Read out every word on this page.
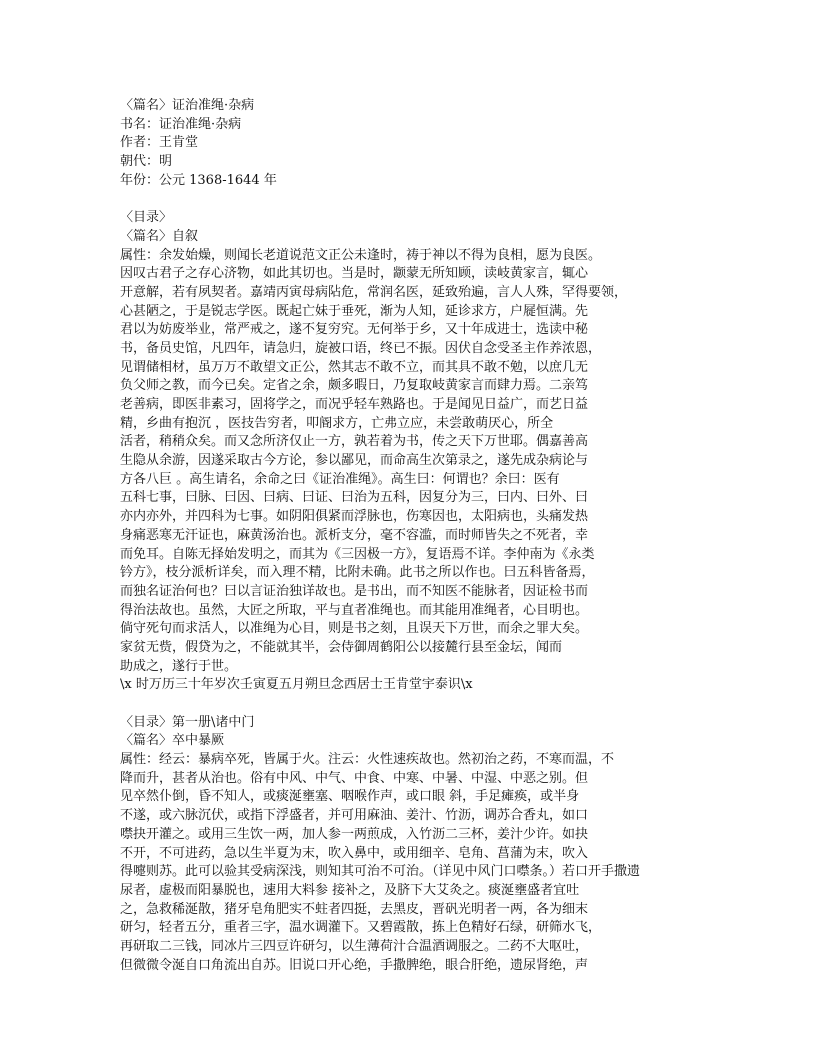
〈篇名〉证治准绳·杂病
书名：证治准绳·杂病
作者：王肯堂
朝代：明
年份：公元 1368-1644 年
〈目录〉
〈篇名〉自叙
属性：余发始燥，则闻长老道说范文正公未逢时，祷于神以不得为良相，愿为良医。
因叹古君子之存心济物，如此其切也。当是时，颛蒙无所知顾，读岐黄家言，辄心
开意解，若有夙契者。嘉靖丙寅母病阽危，常润名医，延致殆遍，言人人殊，罕得要领，
心甚陋之，于是锐志学医。既起亡妹于垂死，渐为人知，延诊求方，户屣恒满。先
君以为妨废举业，常严戒之，遂不复穷究。无何举于乡，又十年成进士，选读中秘
书，备员史馆，凡四年，请急归，旋被口语，终已不振。因伏自念受圣主作养浓恩，
见谓储相材，虽万万不敢望文正公，然其志不敢不立，而其具不敢不勉，以庶几无
负父师之教，而今已矣。定省之余，颇多暇日，乃复取岐黄家言而肆力焉。二亲笃
老善病，即医非素习，固将学之，而况乎轻车熟路也。于是闻见日益广，而艺日益
精，乡曲有抱沉 ，医技告穷者，叩阍求方，亡弗立应，未尝敢萌厌心，所全
活者，稍稍众矣。而又念所济仅止一方，孰若着为书，传之天下万世耶。偶嘉善高
生隐从余游，因遂采取古今方论，参以鄙见，而命高生次第录之，遂先成杂病论与
方各八巨 。高生请名，余命之曰《证治准绳》。高生曰：何谓也？余曰：医有
五科七事，曰脉、曰因、曰病、曰证、曰治为五科，因复分为三，曰内、曰外、曰
亦内亦外，并四科为七事。如阴阳俱紧而浮脉也，伤寒因也，太阳病也，头痛发热
身痛恶寒无汗证也，麻黄汤治也。派析支分，毫不容滥，而时师皆失之不死者，幸
而免耳。自陈无择始发明之，而其为《三因极一方》，复语焉不详。李仲南为《永类
钤方》，枝分派析详矣，而入理不精，比附未确。此书之所以作也。曰五科皆备焉，
而独名证治何也？曰以言证治独详故也。是书出，而不知医不能脉者，因证检书而
得治法故也。虽然，大匠之所取，平与直者准绳也。而其能用准绳者，心目明也。
倘守死句而求活人，以准绳为心目，则是书之刻，且误天下万世，而余之罪大矣。
家贫无赀，假贷为之，不能就其半，会侍御周鹤阳公以接麓行县至金坛，闻而
助成之，遂行于世。
\x 时万历三十年岁次壬寅夏五月朔旦念西居士王肯堂宇泰识\x
〈目录〉第一册\诸中门
〈篇名〉卒中暴厥
属性：经云：暴病卒死，皆属于火。注云：火性速疾故也。然初治之药，不寒而温，不
降而升，甚者从治也。俗有中风、中气、中食、中寒、中暑、中湿、中恶之别。但
见卒然仆倒，昏不知人，或痰涎壅塞、咽喉作声，或口眼 斜，手足瘫痪，或半身
不遂，或六脉沉伏，或指下浮盛者，并可用麻油、姜汁、竹沥，调苏合香丸，如口
噤抉开灌之。或用三生饮一两，加人参一两煎成，入竹沥二三杯，姜汁少许。如抉
不开，不可进药，急以生半夏为末，吹入鼻中，或用细辛、皂角、菖蒲为末，吹入
得嚏则苏。此可以验其受病深浅，则知其可治不可治。（详见中风门口噤条。）若口开手撒遗
尿者，虚极而阳暴脱也，速用大料参 接补之，及脐下大艾灸之。痰涎壅盛者宜吐
之，急救稀涎散，猪牙皂角肥实不蛀者四挺，去黑皮，晋矾光明者一两，各为细末
研匀，轻者五分，重者三字，温水调灌下。又碧霞散，拣上色精好石绿，研筛水飞，
再研取二三钱，同冰片三四豆许研匀，以生薄荷汁合温酒调服之。二药不大呕吐，
但微微令涎自口角流出自苏。旧说口开心绝，手撒脾绝，眼合肝绝，遗尿肾绝，声
